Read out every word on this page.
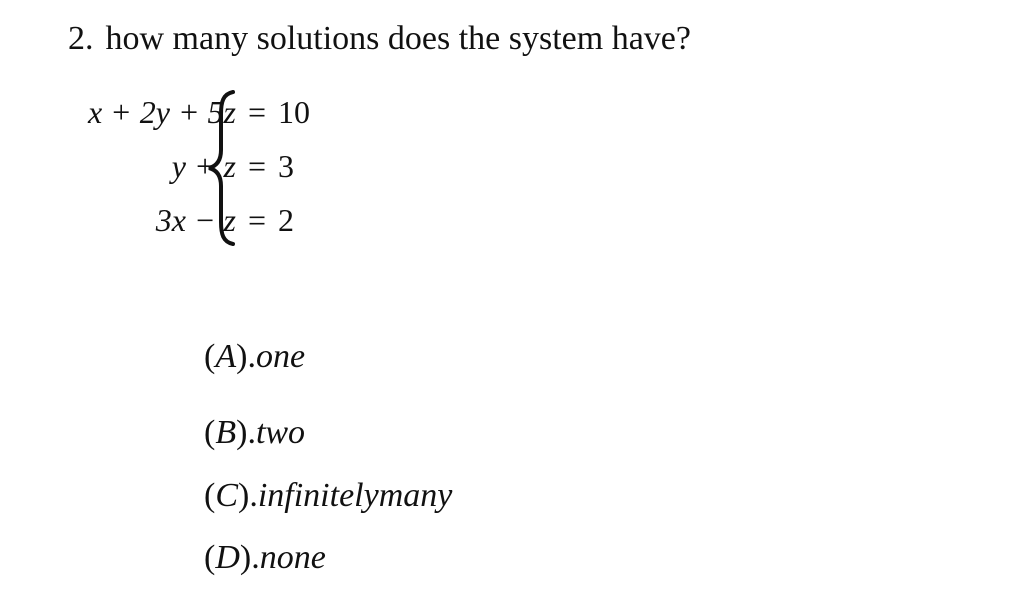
2. how many solutions does the system have?
x + 2y + 5z = 10
y + z = 3
3x − z = 2
(A).one
(B).two
(C).infinitelymany
(D).none
